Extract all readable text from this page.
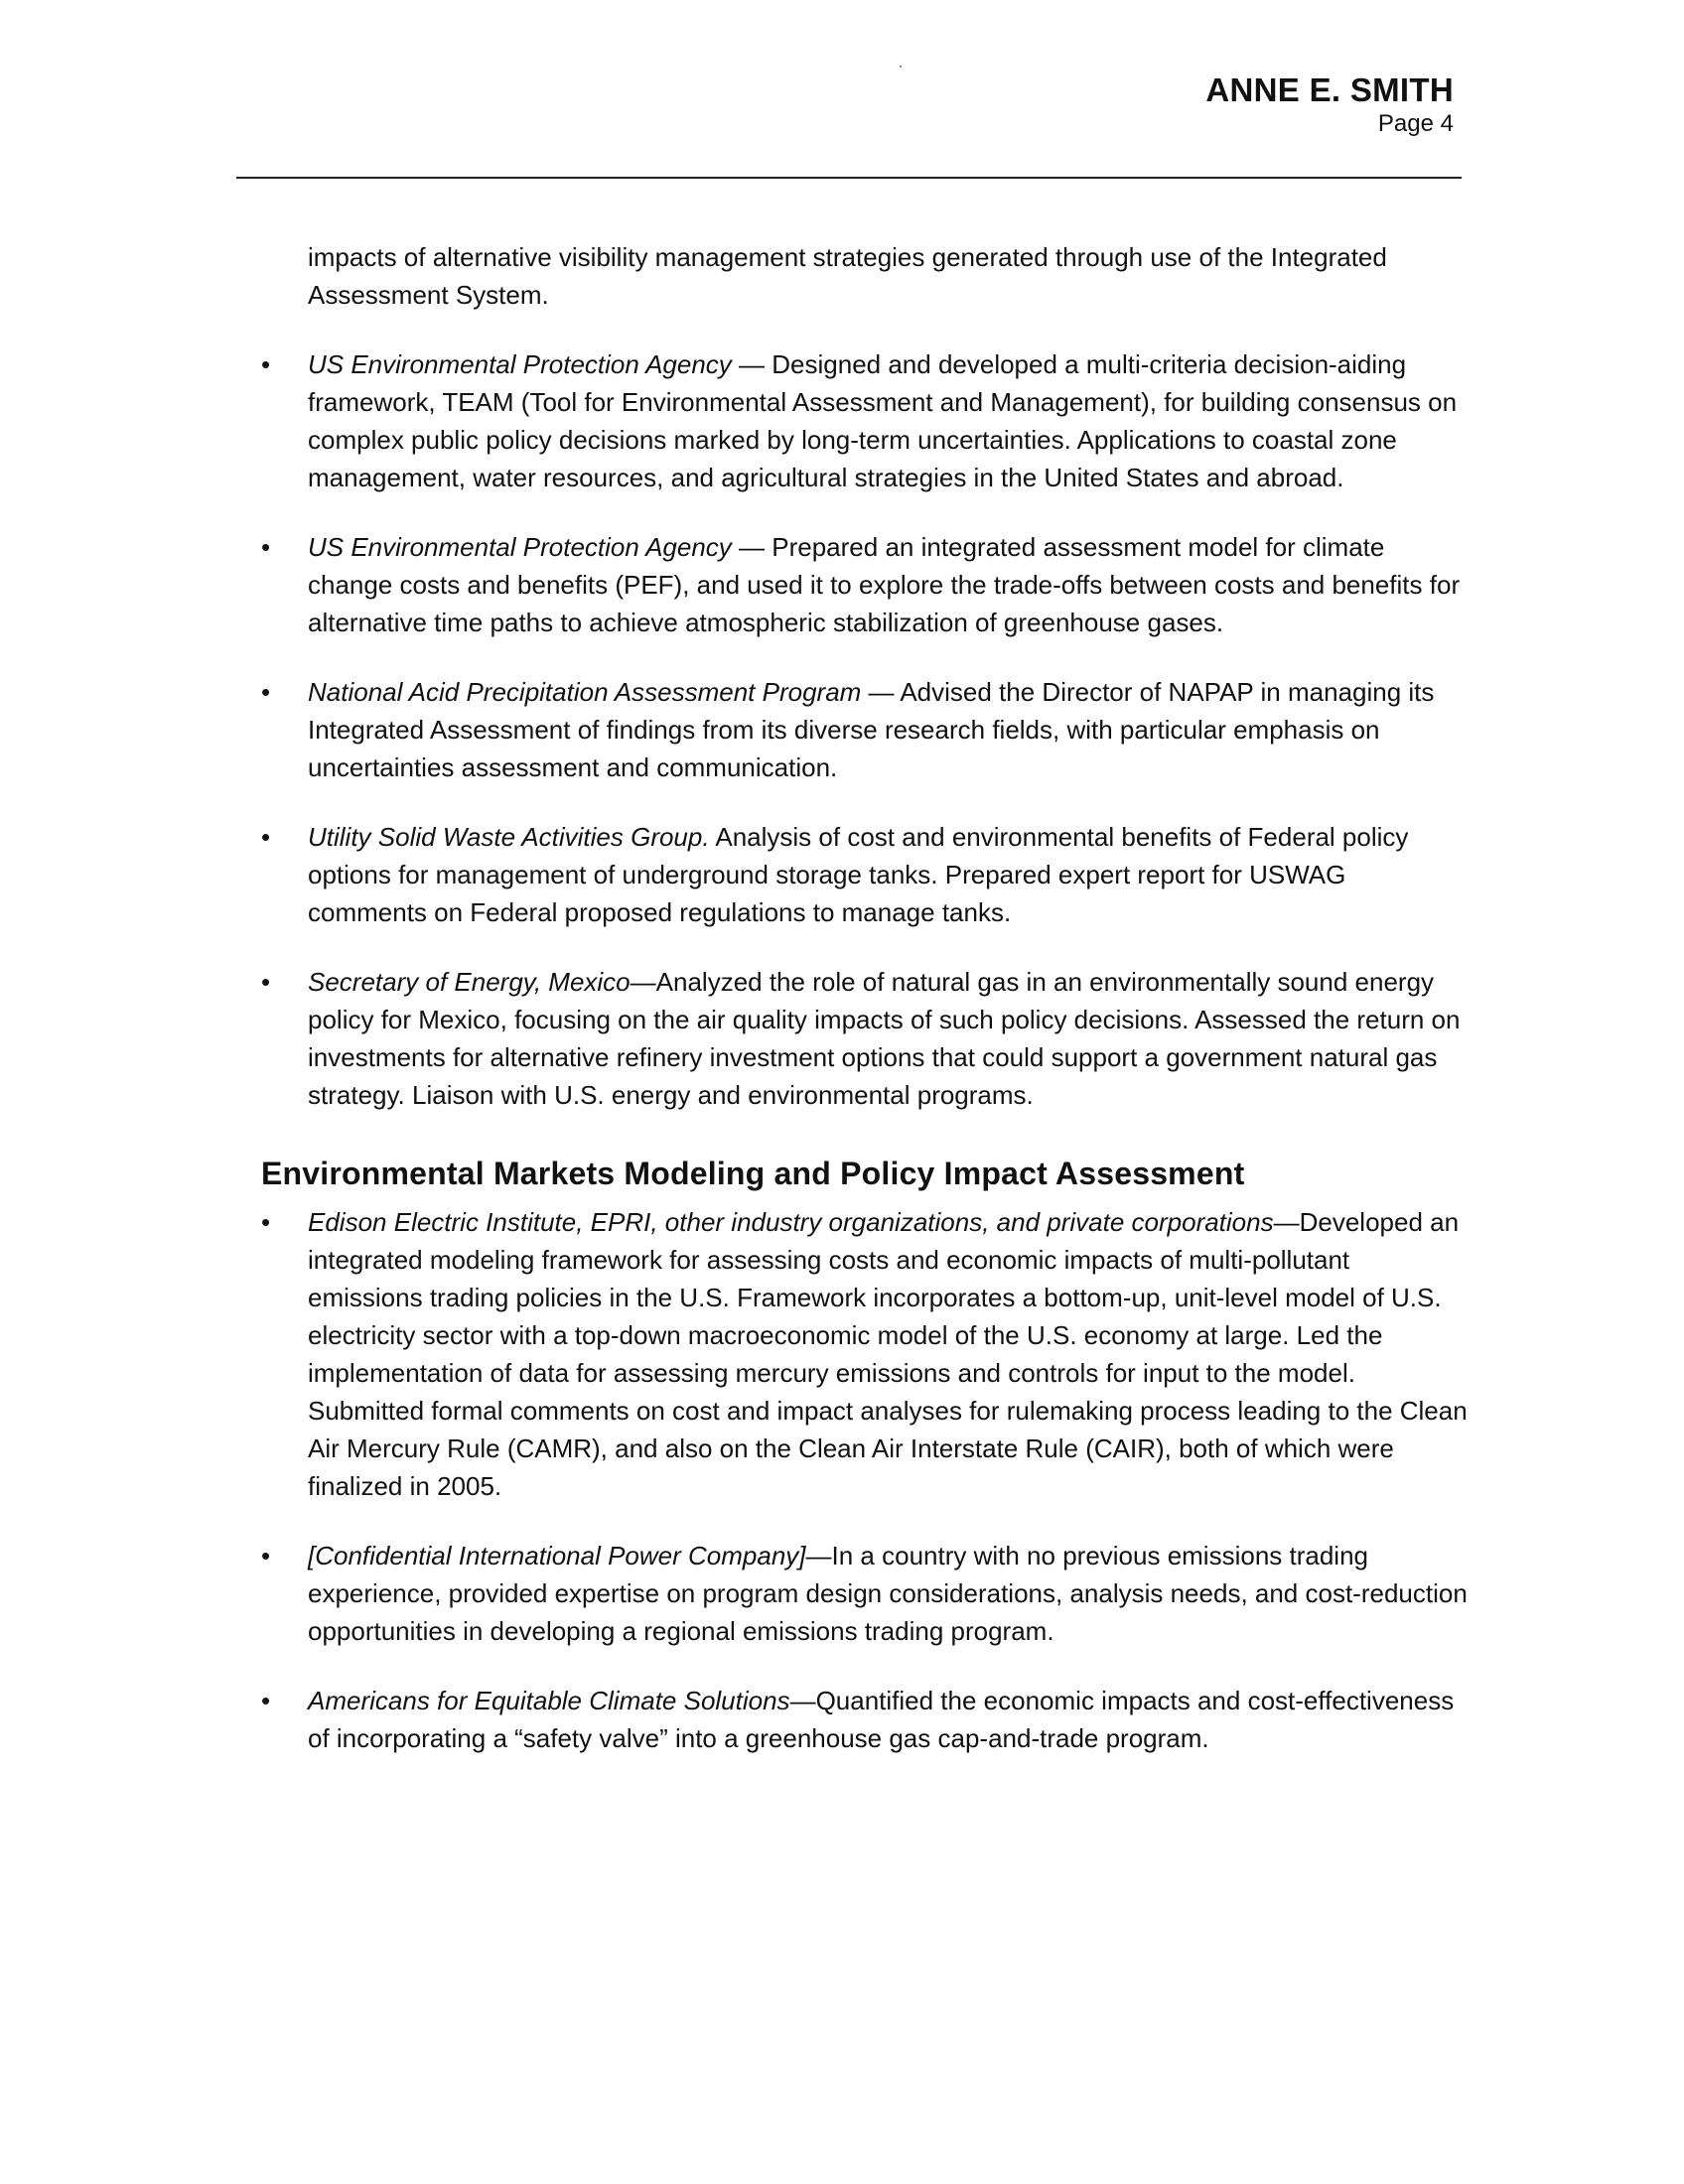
ANNE E. SMITH
Page 4

impacts of alternative visibility management strategies generated through use of the Integrated Assessment System.

•	US Environmental Protection Agency — Designed and developed a multi-criteria decision-aiding framework, TEAM (Tool for Environmental Assessment and Management), for building consensus on complex public policy decisions marked by long-term uncertainties. Applications to coastal zone management, water resources, and agricultural strategies in the United States and abroad.
•	US Environmental Protection Agency — Prepared an integrated assessment model for climate change costs and benefits (PEF), and used it to explore the trade-offs between costs and benefits for alternative time paths to achieve atmospheric stabilization of greenhouse gases.
•	National Acid Precipitation Assessment Program — Advised the Director of NAPAP in managing its Integrated Assessment of findings from its diverse research fields, with particular emphasis on uncertainties assessment and communication.
•	Utility Solid Waste Activities Group. Analysis of cost and environmental benefits of Federal policy options for management of underground storage tanks. Prepared expert report for USWAG comments on Federal proposed regulations to manage tanks.
•	Secretary of Energy, Mexico—Analyzed the role of natural gas in an environmentally sound energy policy for Mexico, focusing on the air quality impacts of such policy decisions. Assessed the return on investments for alternative refinery investment options that could support a government natural gas strategy. Liaison with U.S. energy and environmental programs.
Environmental Markets Modeling and Policy Impact Assessment
•	Edison Electric Institute, EPRI, other industry organizations, and private corporations—Developed an integrated modeling framework for assessing costs and economic impacts of multi-pollutant emissions trading policies in the U.S. Framework incorporates a bottom-up, unit-level model of U.S. electricity sector with a top-down macroeconomic model of the U.S. economy at large. Led the implementation of data for assessing mercury emissions and controls for input to the model. Submitted formal comments on cost and impact analyses for rulemaking process leading to the Clean Air Mercury Rule (CAMR), and also on the Clean Air Interstate Rule (CAIR), both of which were finalized in 2005.
•	[Confidential International Power Company]—In a country with no previous emissions trading experience, provided expertise on program design considerations, analysis needs, and cost-reduction opportunities in developing a regional emissions trading program.
•	Americans for Equitable Climate Solutions—Quantified the economic impacts and cost-effectiveness of incorporating a “safety valve” into a greenhouse gas cap-and-trade program.
